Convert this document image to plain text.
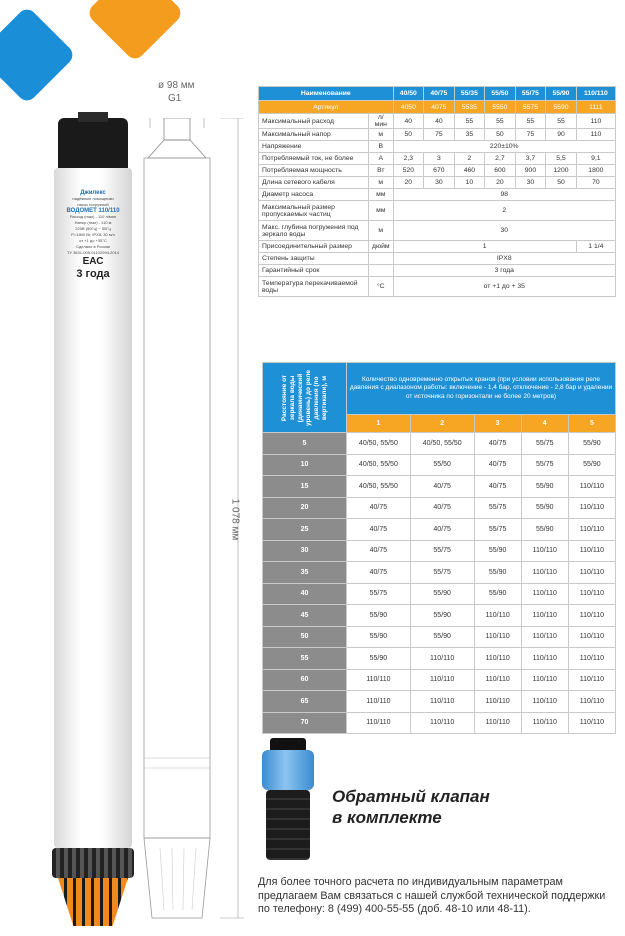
Джилекс
надёжные помощники
насос погружной
ВОДОМЕТ 110/110
Расход (max) - 110 л/мин
Напор (max) - 110 м
220В (50Гц) ~ 50Гц
Р=1800 Вт, IPX8, 30 м/ч
от +1 до +35°C
Сделано в России
ТУ 3631-005-01102094-2014
ЕАС
3 года
ø 98 мм
G1
1 078 мм
Наименование		40/50	40/75	55/35	55/50	55/75	55/90	110/110
Артикул		4050	4075	5535	5550	5575	5590	1111
Максимальный расход	л/мин	40	40	55	55	55	55	110
Максимальный напор	м	50	75	35	50	75	90	110
Напряжение	В	220±10%						
Потребляемый ток, не более	А	2,3	3	2	2,7	3,7	5,5	9,1
Потребляемая мощность	Вт	520	670	460	600	900	1200	1800
Длина сетевого кабеля	м	20	30	10	20	30	50	70
Диаметр насоса	мм	98						
Максимальный размер пропускаемых частиц	мм	2						
Макс. глубина погружения под зеркало воды	м	30						
Присоединительный размер	дюйм	1						1 1/4
Степень защиты		IPX8						
Гарантийный срок		3 года						
Температура перекачиваемой воды	°С	от +1 до + 35						
Расстояние от зеркала воды (динамический уровень) до реле давления (по вертикали), м	Количество одновременно открытых кранов (при условии использования реле давления с диапазоном работы: включение - 1,4 бар, отключение - 2,8 бар и удалении от источника по горизонтали не более 20 метров)				
	1	2	3	4	5
5	40/50, 55/50	40/50, 55/50	40/75	55/75	55/90
10	40/50, 55/50	55/50	40/75	55/75	55/90
15	40/50, 55/50	40/75	40/75	55/90	110/110
20	40/75	40/75	55/75	55/90	110/110
25	40/75	40/75	55/75	55/90	110/110
30	40/75	55/75	55/90	110/110	110/110
35	40/75	55/75	55/90	110/110	110/110
40	55/75	55/90	55/90	110/110	110/110
45	55/90	55/90	110/110	110/110	110/110
50	55/90	55/90	110/110	110/110	110/110
55	55/90	110/110	110/110	110/110	110/110
60	110/110	110/110	110/110	110/110	110/110
65	110/110	110/110	110/110	110/110	110/110
70	110/110	110/110	110/110	110/110	110/110
Обратный клапан
в комплекте
Для более точного расчета по индивидуальным параметрам предлагаем Вам связаться с нашей службой технической поддержки по телефону: 8 (499) 400-55-55 (доб. 48-10 или 48-11).
